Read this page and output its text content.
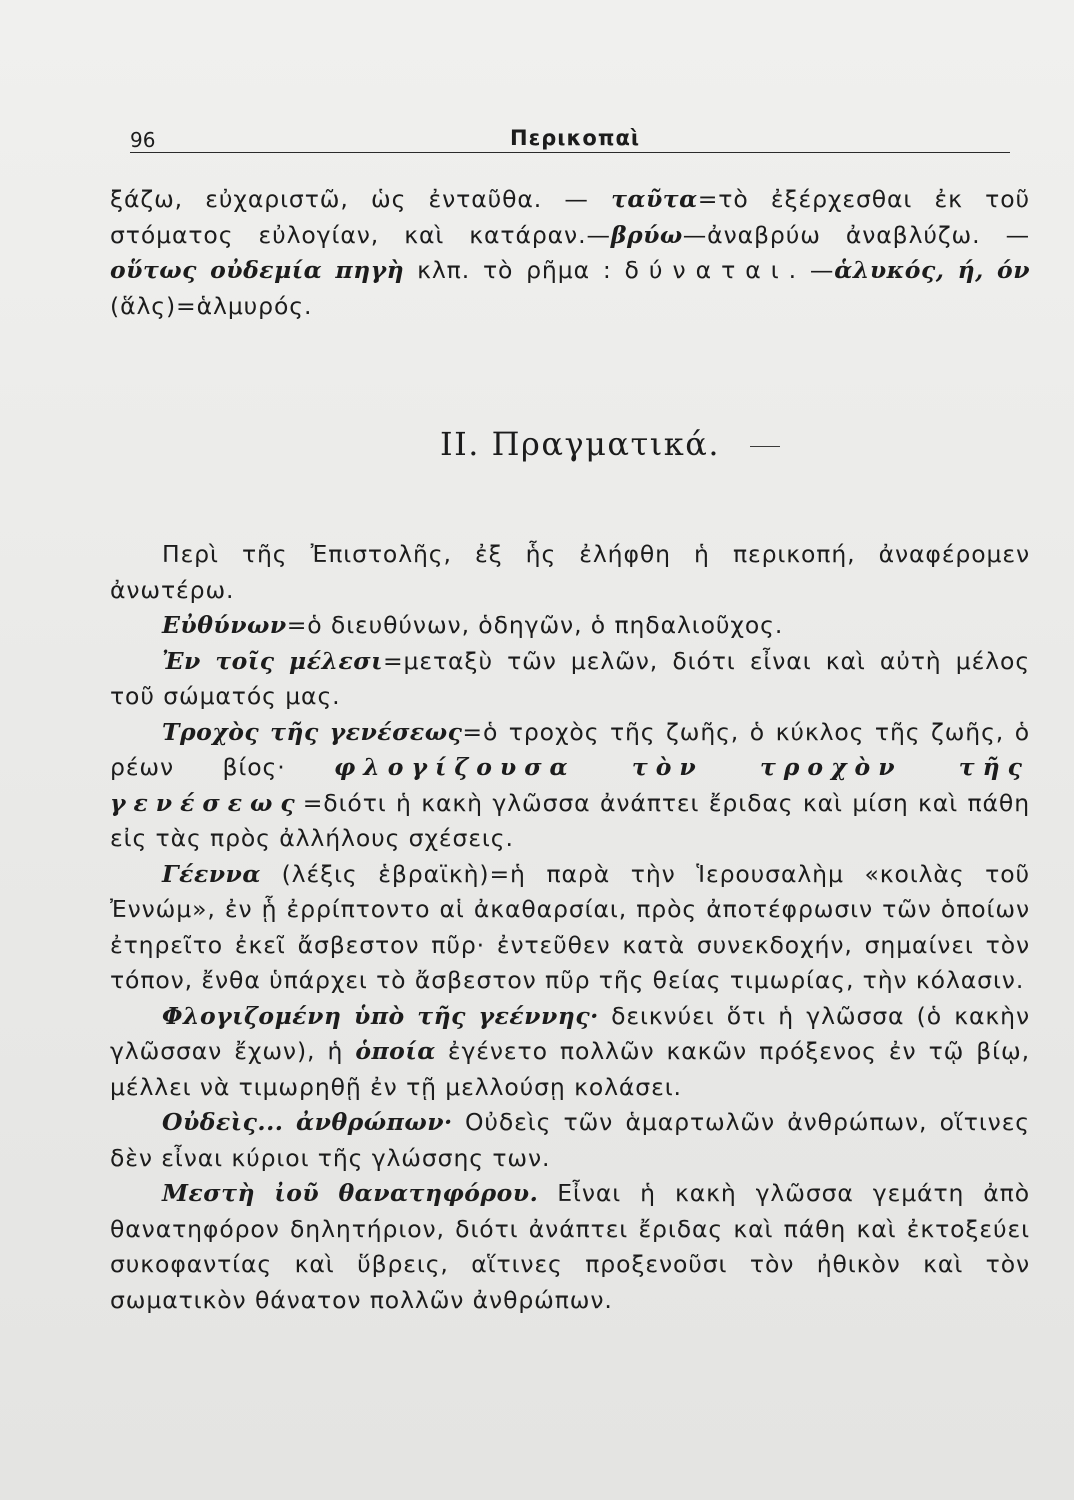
96	Περικοπαὶ

ξάζω, εὐχαριστῶ, ὡς ἐνταῦθα. — ταῦτα=τὸ ἐξέρχεσθαι ἐκ τοῦ στόματος εὐλογίαν, καὶ κατάραν.—βρύω—ἀναβρύω ἀναβλύζω. —οὕτως οὐδεμία πηγὴ κλπ. τὸ ρῆμα : δύναται. —ἁλυκός, ή, όν (ἅλς)=ἁλμυρός.

II. Πραγματικά.

Περὶ τῆς Ἐπιστολῆς, ἐξ ἧς ἐλήφθη ἡ περικοπή, ἀναφέρομεν ἀνωτέρω.

Εὐθύνων=ὁ διευθύνων, ὁδηγῶν, ὁ πηδαλιοῦχος.

Ἐν τοῖς μέλεσι=μεταξὺ τῶν μελῶν, διότι εἶναι καὶ αὐτὴ μέλος τοῦ σώματός μας.

Τροχὸς τῆς γενέσεως=ὁ τροχὸς τῆς ζωῆς, ὁ κύκλος τῆς ζωῆς, ὁ ρέων βίος· φλογίζουσα τὸν τροχὸν τῆς γενέσεως=διότι ἡ κακὴ γλῶσσα ἀνάπτει ἔριδας καὶ μίση καὶ πάθη εἰς τὰς πρὸς ἀλλήλους σχέσεις.

Γέεννα (λέξις ἑβραϊκὴ)=ἡ παρὰ τὴν Ἱερουσαλὴμ «κοιλὰς τοῦ Ἐννώμ», ἐν ᾗ ἐρρίπτοντο αἱ ἀκαθαρσίαι, πρὸς ἀποτέφρωσιν τῶν ὁποίων ἐτηρεῖτο ἐκεῖ ἄσβεστον πῦρ· ἐντεῦθεν κατὰ συνεκδοχήν, σημαίνει τὸν τόπον, ἔνθα ὑπάρχει τὸ ἄσβεστον πῦρ τῆς θείας τιμωρίας, τὴν κόλασιν.

Φλογιζομένη ὑπὸ τῆς γεέννης· δεικνύει ὅτι ἡ γλῶσσα (ὁ κακὴν γλῶσσαν ἔχων), ἡ ὁποία ἐγένετο πολλῶν κακῶν πρόξενος ἐν τῷ βίῳ, μέλλει νὰ τιμωρηθῇ ἐν τῇ μελλούσῃ κολάσει.

Οὐδεὶς... ἀνθρώπων· Οὐδεὶς τῶν ἁμαρτωλῶν ἀνθρώπων, οἵτινες δὲν εἶναι κύριοι τῆς γλώσσης των.

Μεστὴ ἰοῦ θανατηφόρου. Εἶναι ἡ κακὴ γλῶσσα γεμάτη ἀπὸ θανατηφόρον δηλητήριον, διότι ἀνάπτει ἔριδας καὶ πάθη καὶ ἐκτοξεύει συκοφαντίας καὶ ὕβρεις, αἵτινες προξενοῦσι τὸν ἠθικὸν καὶ τὸν σωματικὸν θάνατον πολλῶν ἀνθρώπων.
